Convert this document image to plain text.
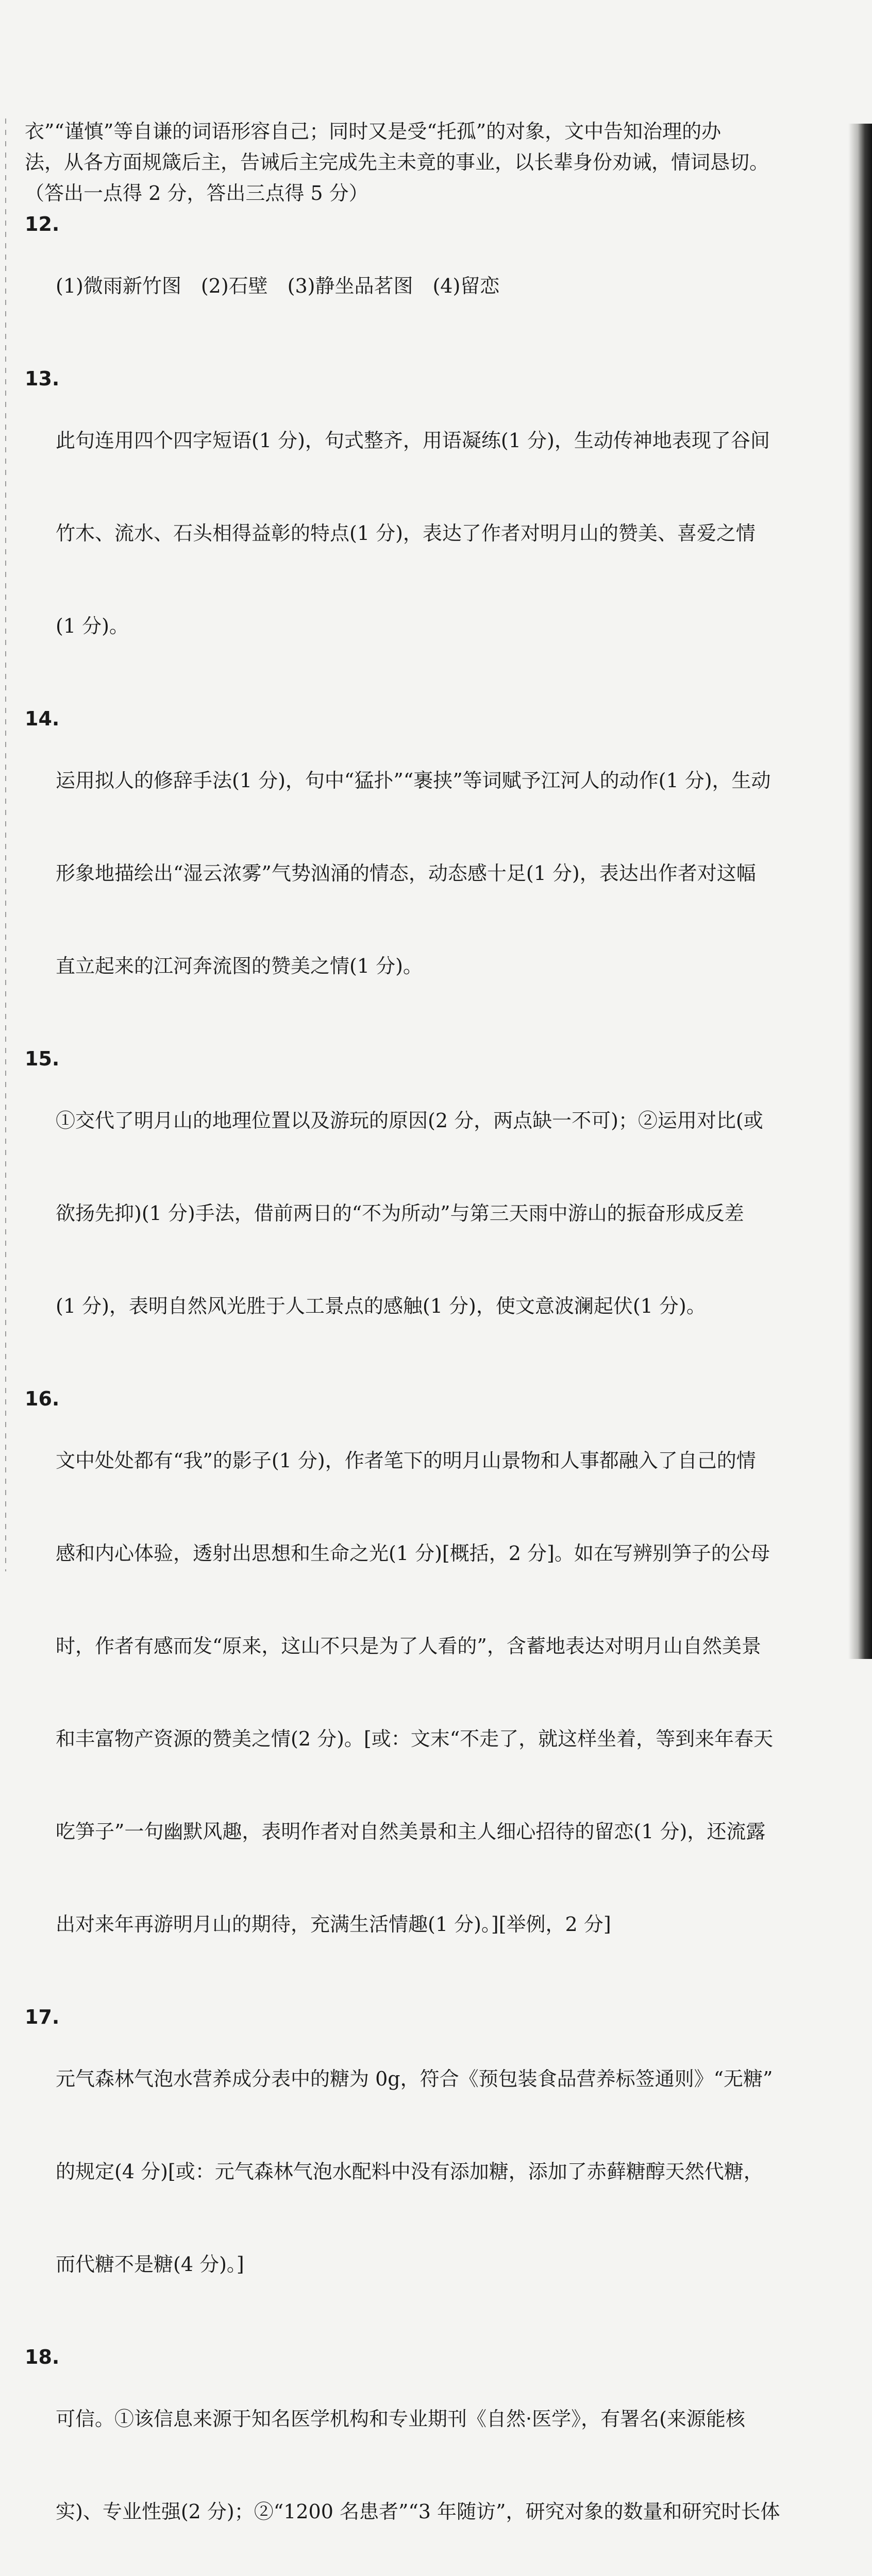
衣”“谨慎”等自谦的词语形容自己；同时又是受“托孤”的对象，文中告知治理的办
法，从各方面规箴后主，告诫后主完成先主未竟的事业，以长辈身份劝诫，情词恳切。
（答出一点得 2 分，答出三点得 5 分）
12.

(1)微雨新竹图　(2)石壁　(3)静坐品茗图　(4)留恋

13.

此句连用四个四字短语(1 分)，句式整齐，用语凝练(1 分)，生动传神地表现了谷间

竹木、流水、石头相得益彰的特点(1 分)，表达了作者对明月山的赞美、喜爱之情

(1 分)。

14.

运用拟人的修辞手法(1 分)，句中“猛扑”“裹挟”等词赋予江河人的动作(1 分)，生动

形象地描绘出“湿云浓雾”气势汹涌的情态，动态感十足(1 分)，表达出作者对这幅

直立起来的江河奔流图的赞美之情(1 分)。

15.

①交代了明月山的地理位置以及游玩的原因(2 分，两点缺一不可)；②运用对比(或

欲扬先抑)(1 分)手法，借前两日的“不为所动”与第三天雨中游山的振奋形成反差

(1 分)，表明自然风光胜于人工景点的感触(1 分)，使文意波澜起伏(1 分)。

16.

文中处处都有“我”的影子(1 分)，作者笔下的明月山景物和人事都融入了自己的情

感和内心体验，透射出思想和生命之光(1 分)[概括，2 分]。如在写辨别笋子的公母

时，作者有感而发“原来，这山不只是为了人看的”，含蓄地表达对明月山自然美景

和丰富物产资源的赞美之情(2 分)。[或：文末“不走了，就这样坐着，等到来年春天

吃笋子”一句幽默风趣，表明作者对自然美景和主人细心招待的留恋(1 分)，还流露

出对来年再游明月山的期待，充满生活情趣(1 分)。][举例，2 分]

17.

元气森林气泡水营养成分表中的糖为 0g，符合《预包装食品营养标签通则》“无糖”

的规定(4 分)[或：元气森林气泡水配料中没有添加糖，添加了赤藓糖醇天然代糖，

而代糖不是糖(4 分)。]

18.

可信。①该信息来源于知名医学机构和专业期刊《自然·医学》，有署名(来源能核

实)、专业性强(2 分)；②“1200 名患者”“3 年随访”，研究对象的数量和研究时长体
